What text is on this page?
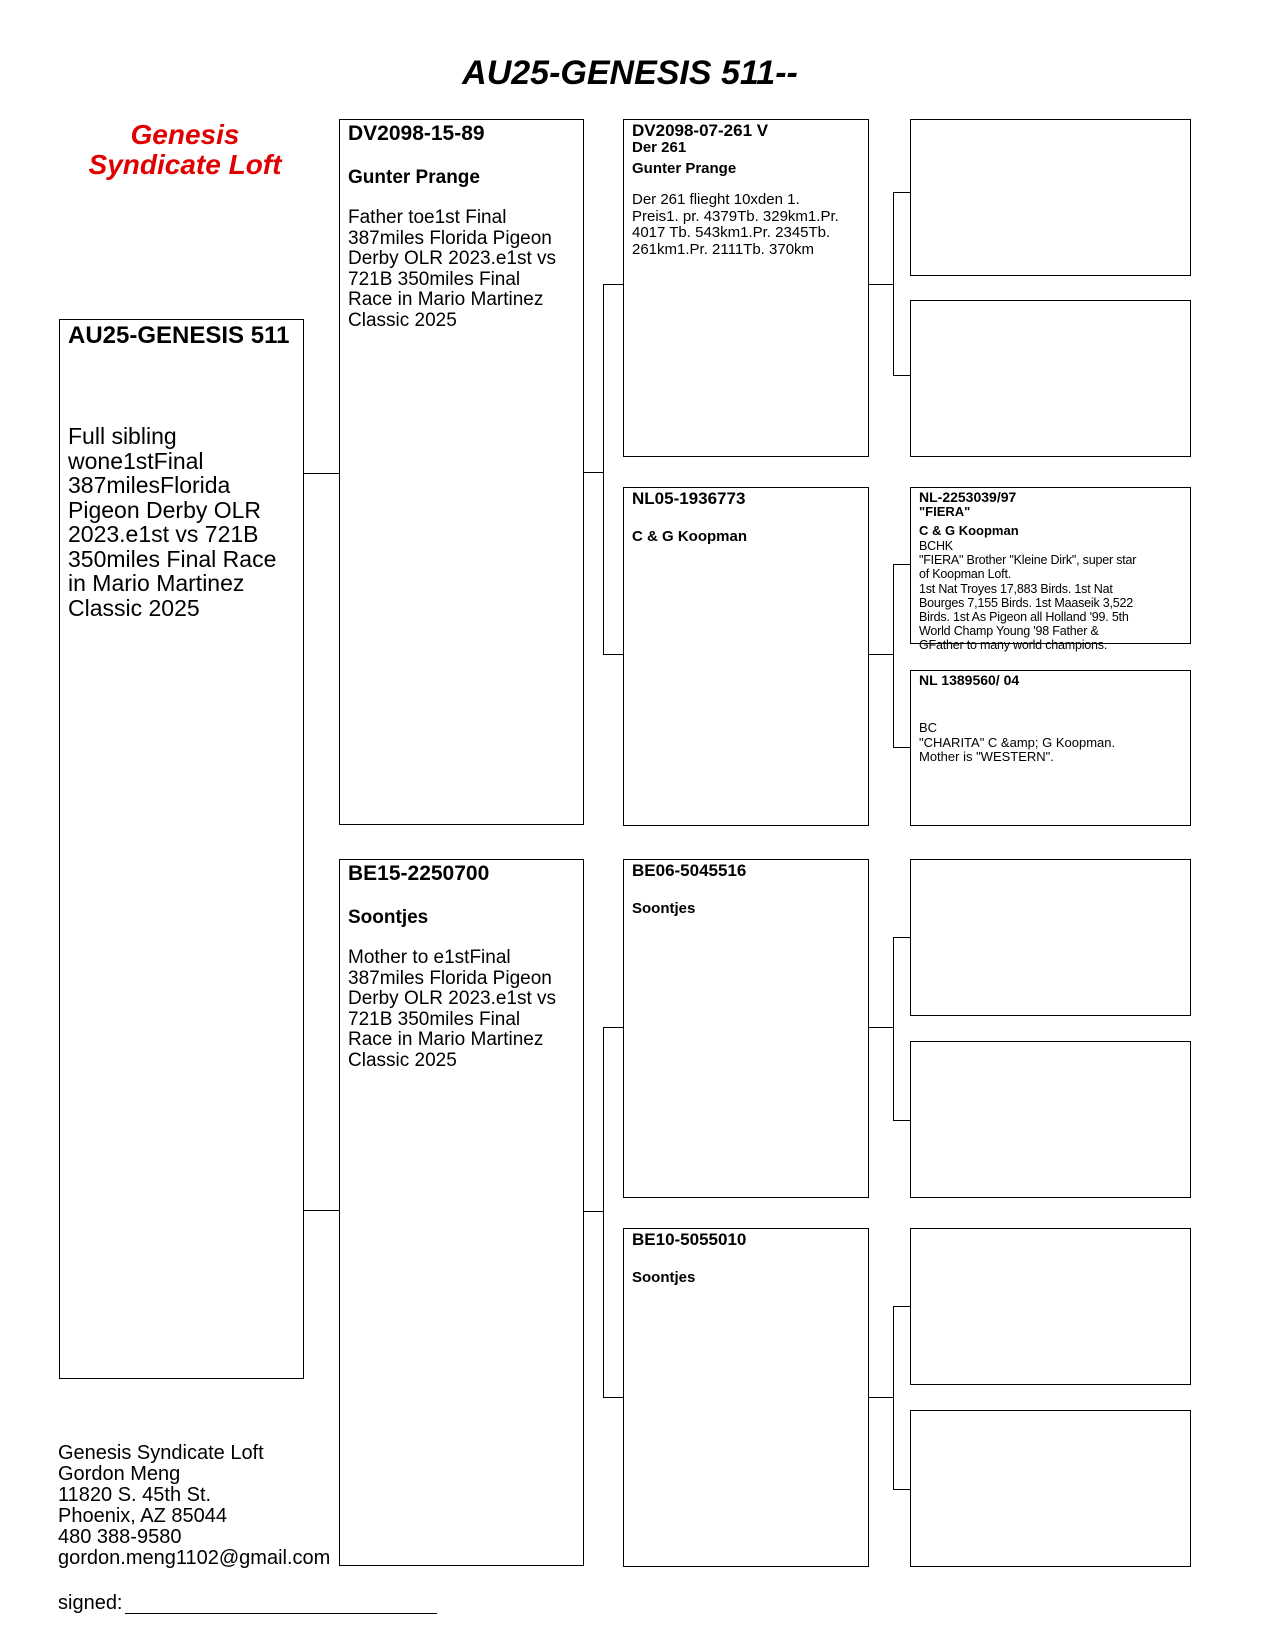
AU25-GENESIS 511--
Genesis
Syndicate Loft
AU25-GENESIS 511
Full sibling
wone1stFinal
387milesFlorida
Pigeon Derby OLR
2023.e1st vs 721B
350miles Final Race
in Mario Martinez
Classic 2025
DV2098-15-89
Gunter Prange
Father toe1st Final
387miles Florida Pigeon
Derby OLR 2023.e1st vs
721B 350miles Final
Race in Mario Martinez
Classic 2025
BE15-2250700
Soontjes
Mother to e1stFinal
387miles Florida Pigeon
Derby OLR 2023.e1st vs
721B 350miles Final
Race in Mario Martinez
Classic 2025
DV2098-07-261 V
Der 261
Gunter Prange
Der 261 flieght 10xden 1.
Preis1. pr. 4379Tb. 329km1.Pr.
4017 Tb. 543km1.Pr. 2345Tb.
261km1.Pr. 2111Tb. 370km
NL05-1936773
C & G Koopman
BE06-5045516
Soontjes
BE10-5055010
Soontjes
NL-2253039/97
"FIERA"
C & G Koopman
BCHK
"FIERA" Brother "Kleine Dirk", super star
of Koopman Loft.
1st Nat Troyes 17,883 Birds. 1st Nat
Bourges 7,155 Birds. 1st Maaseik 3,522
Birds. 1st As Pigeon all Holland '99. 5th
World Champ Young '98 Father &
GFather to many world champions.
NL 1389560/ 04
BC
"CHARITA" C &amp; G Koopman.
Mother is "WESTERN".
Genesis Syndicate Loft
Gordon Meng
11820 S. 45th St.
Phoenix, AZ 85044
480 388-9580
gordon.meng1102@gmail.com
signed:
